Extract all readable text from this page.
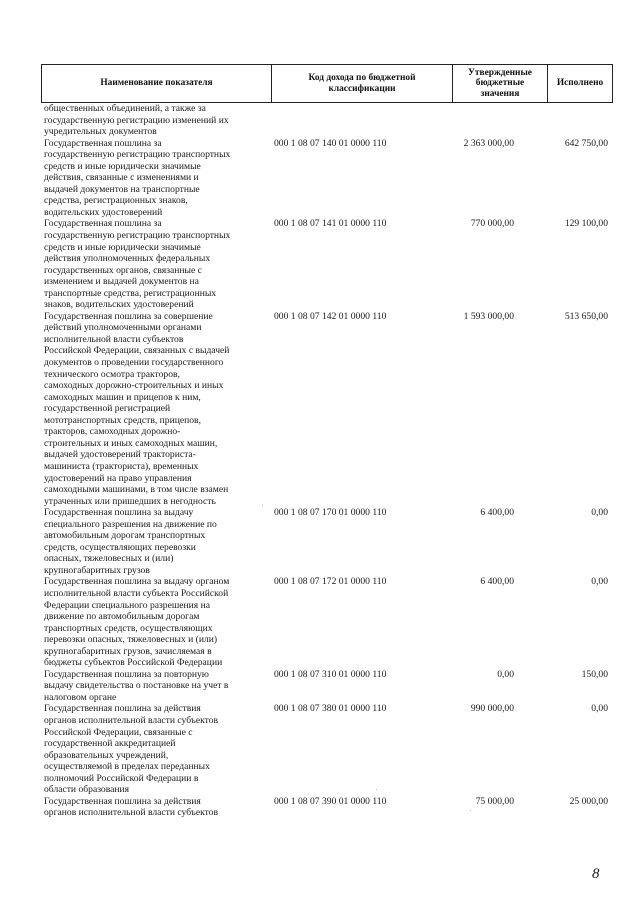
Наименование показателя	Код дохода по бюджетной классификации	Утвержденные бюджетные значения	Исполнено
общественных объединений, а также за
государственную регистрацию изменений их
учредительных документов
Государственная пошлина за
государственную регистрацию транспортных
средств и иные юридически значимые
действия, связанные с изменениями и
выдачей документов на транспортные
средства, регистрационных знаков,
водительских удостоверений
000 1 08 07 140 01 0000 110	2 363 000,00	642 750,00
Государственная пошлина за
государственную регистрацию транспортных
средств и иные юридически значимые
действия уполномоченных федеральных
государственных органов, связанные с
изменением и выдачей документов на
транспортные средства, регистрационных
знаков, водительских удостоверений
000 1 08 07 141 01 0000 110	770 000,00	129 100,00
Государственная пошлина за совершение
действий уполномоченными органами
исполнительной власти субъектов
Российской Федерации, связанных с выдачей
документов о проведении государственного
технического осмотра тракторов,
самоходных дорожно-строительных и иных
самоходных машин и прицепов к ним,
государственной регистрацией
мототранспортных средств, прицепов,
тракторов, самоходных дорожно-
строительных и иных самоходных машин,
выдачей удостоверений тракториста-
машиниста (тракториста), временных
удостоверений на право управления
самоходными машинами, в том числе взамен
утраченных или пришедших в негодность
000 1 08 07 142 01 0000 110	1 593 000,00	513 650,00
Государственная пошлина за выдачу
специального разрешения на движение по
автомобильным дорогам транспортных
средств, осуществляющих перевозки
опасных, тяжеловесных и (или)
крупногабаритных грузов
000 1 08 07 170 01 0000 110	6 400,00	0,00
Государственная пошлина за выдачу органом
исполнительной власти субъекта Российской
Федерации специального разрешения на
движение по автомобильным дорогам
транспортных средств, осуществляющих
перевозки опасных, тяжеловесных и (или)
крупногабаритных грузов, зачисляемая в
бюджеты субъектов Российской Федерации
000 1 08 07 172 01 0000 110	6 400,00	0,00
Государственная пошлина за повторную
выдачу свидетельства о постановке на учет в
налоговом органе
000 1 08 07 310 01 0000 110	0,00	150,00
Государственная пошлина за действия
органов исполнительной власти субъектов
Российской Федерации, связанные с
государственной аккредитацией
образовательных учреждений,
осуществляемой в пределах переданных
полномочий Российской Федерации в
области образования
000 1 08 07 380 01 0000 110	990 000,00	0,00
Государственная пошлина за действия
органов исполнительной власти субъектов
000 1 08 07 390 01 0000 110	75 000,00	25 000,00
8
